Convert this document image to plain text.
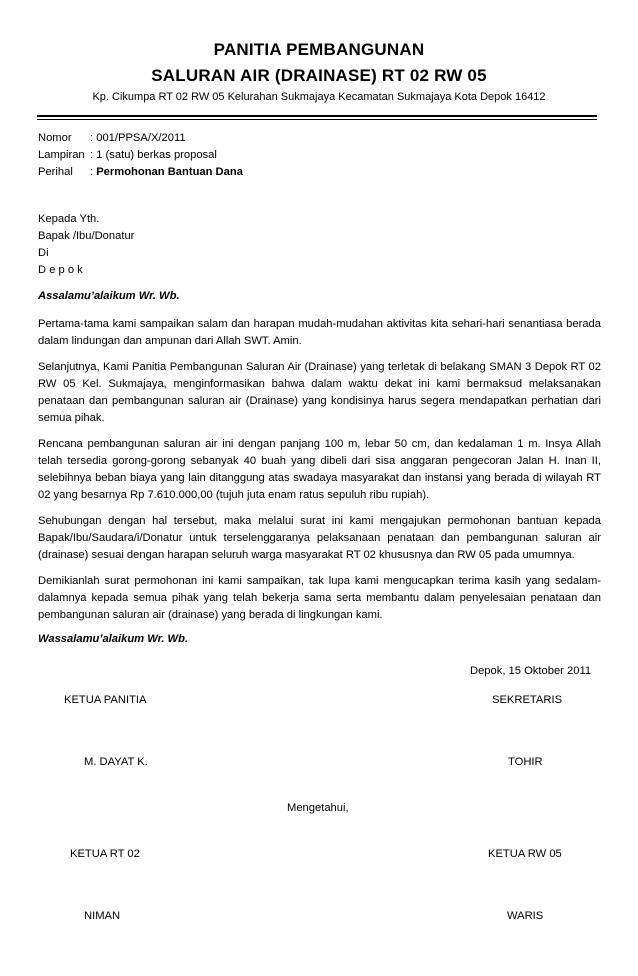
PANITIA PEMBANGUNAN
SALURAN AIR (DRAINASE) RT 02 RW 05
Kp. Cikumpa RT 02 RW 05 Kelurahan Sukmajaya Kecamatan Sukmajaya Kota Depok 16412
Nomor : 001/PPSA/X/2011
Lampiran : 1 (satu) berkas proposal
Perihal : Permohonan Bantuan Dana
Kepada Yth.
Bapak /Ibu/Donatur
Di
D e p o k
Assalamu’alaikum Wr. Wb.
Pertama-tama kami sampaikan salam dan harapan mudah-mudahan aktivitas kita sehari-hari senantiasa berada dalam lindungan dan ampunan dari Allah SWT. Amin.
Selanjutnya, Kami Panitia Pembangunan Saluran Air (Drainase) yang terletak di belakang SMAN 3 Depok RT 02 RW 05 Kel. Sukmajaya, menginformasikan bahwa dalam waktu dekat ini kami bermaksud melaksanakan penataan dan pembangunan saluran air (Drainase) yang kondisinya harus segera mendapatkan perhatian dari semua pihak.
Rencana pembangunan saluran air ini dengan panjang 100 m, lebar 50 cm, dan kedalaman 1 m. Insya Allah telah tersedia gorong-gorong sebanyak 40 buah yang dibeli dari sisa anggaran pengecoran Jalan H. Inan II, selebihnya beban biaya yang lain ditanggung atas swadaya masyarakat dan instansi yang berada di wilayah RT 02 yang besarnya Rp 7.610.000,00 (tujuh juta enam ratus sepuluh ribu rupiah).
Sehubungan dengan hal tersebut, maka melalui surat ini kami mengajukan permohonan bantuan kepada Bapak/Ibu/Saudara/i/Donatur untuk terselenggaranya pelaksanaan penataan dan pembangunan saluran air (drainase) sesuai dengan harapan seluruh warga masyarakat RT 02 khususnya dan RW 05 pada umumnya.
Demikianlah surat permohonan ini kami sampaikan, tak lupa kami mengucapkan terima kasih yang sedalam-dalamnya kepada semua pihak yang telah bekerja sama serta membantu dalam penyelesaian penataan dan pembangunan saluran air (drainase) yang berada di lingkungan kami.
Wassalamu’alaikum Wr. Wb.
Depok, 15 Oktober 2011
KETUA PANITIA	SEKRETARIS
M. DAYAT K.	TOHIR
Mengetahui,
KETUA RT 02	KETUA RW 05
NIMAN	WARIS
